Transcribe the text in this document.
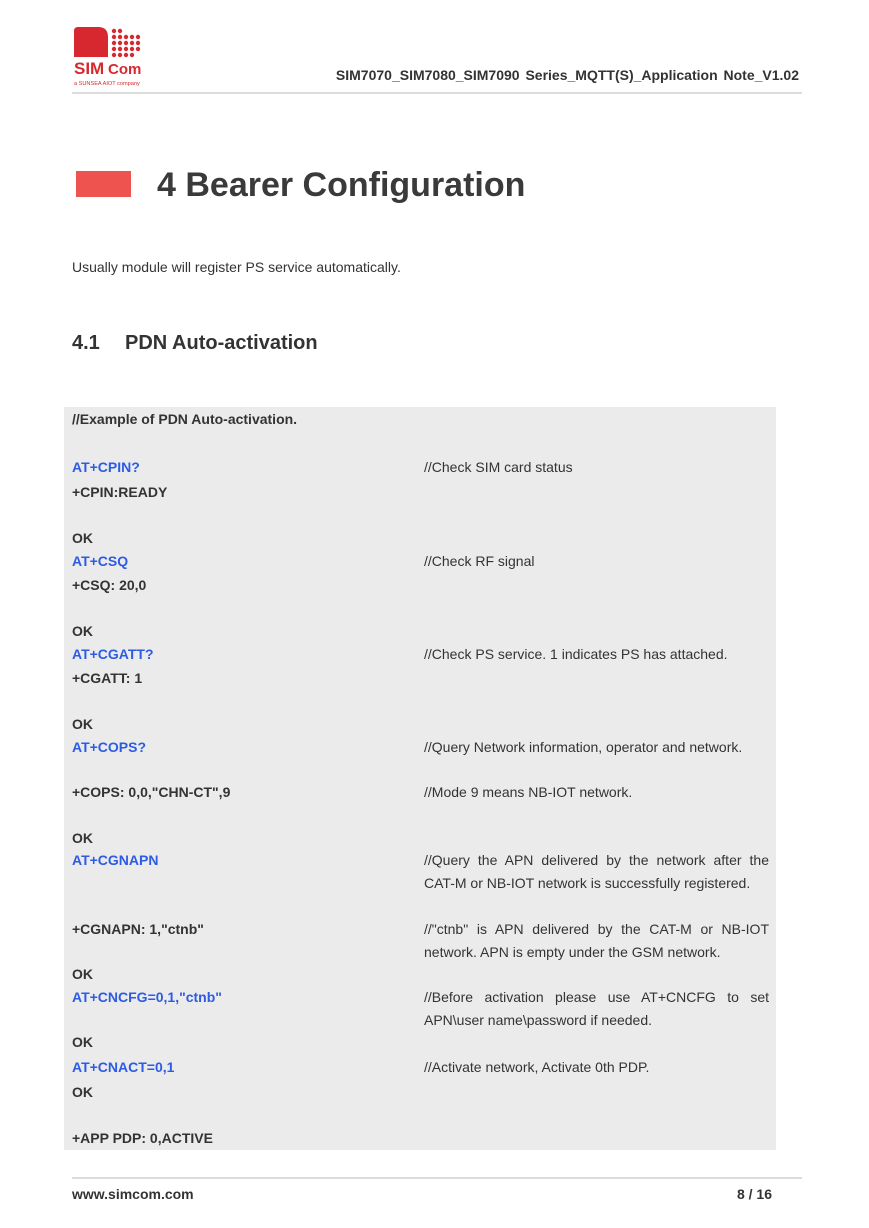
SIM Com
a SUNSEA AIOT company
SIM7070_SIM7080_SIM7090 Series_MQTT(S)_Application Note_V1.02
4 Bearer Configuration
Usually module will register PS service automatically.
4.1 PDN Auto-activation
//Example of PDN Auto-activation.
AT+CPIN?	//Check SIM card status
+CPIN:READY
OK
AT+CSQ	//Check RF signal
+CSQ: 20,0
OK
AT+CGATT?	//Check PS service. 1 indicates PS has attached.
+CGATT: 1
OK
AT+COPS?	//Query Network information, operator and network.
+COPS: 0,0,"CHN-CT",9	//Mode 9 means NB-IOT network.
OK
AT+CGNAPN	//Query the APN delivered by the network after the CAT-M or NB-IOT network is successfully registered.
+CGNAPN: 1,"ctnb"	//"ctnb" is APN delivered by the CAT-M or NB-IOT network. APN is empty under the GSM network.
OK
AT+CNCFG=0,1,"ctnb"	//Before activation please use AT+CNCFG to set APN\user name\password if needed.
OK
AT+CNACT=0,1	//Activate network, Activate 0th PDP.
OK
+APP PDP: 0,ACTIVE
www.simcom.com	8 / 16
